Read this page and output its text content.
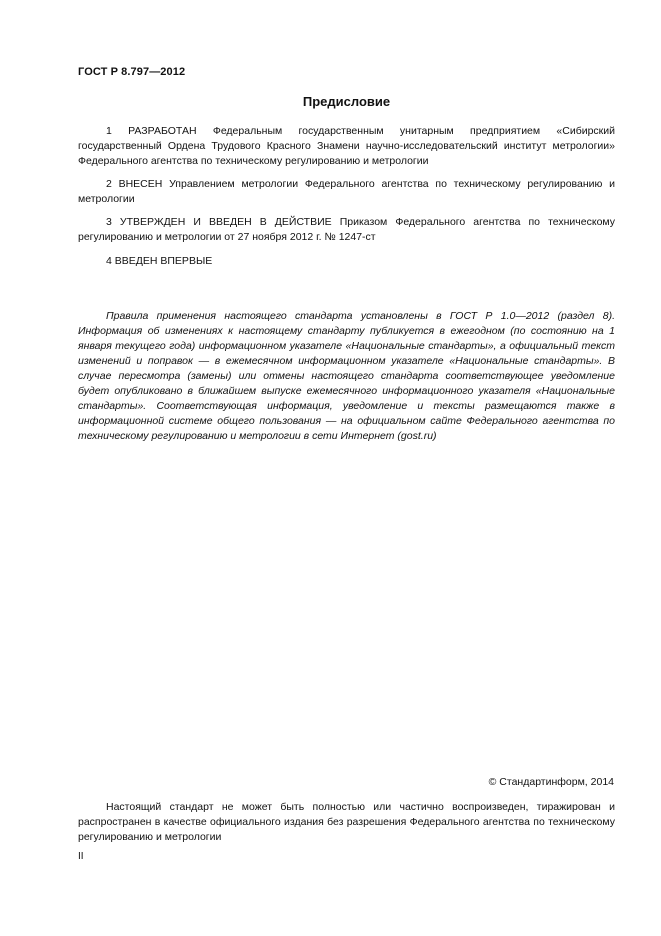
ГОСТ Р 8.797—2012
Предисловие

1 РАЗРАБОТАН Федеральным государственным унитарным предприятием «Сибирский государственный Ордена Трудового Красного Знамени научно-исследовательский институт метрологии» Федерального агентства по техническому регулированию и метрологии

2 ВНЕСЕН Управлением метрологии Федерального агентства по техническому регулированию и метрологии

3 УТВЕРЖДЕН И ВВЕДЕН В ДЕЙСТВИЕ Приказом Федерального агентства по техническому регулированию и метрологии от 27 ноября 2012 г. № 1247-ст

4 ВВЕДЕН ВПЕРВЫЕ

Правила применения настоящего стандарта установлены в ГОСТ Р 1.0—2012 (раздел 8). Информация об изменениях к настоящему стандарту публикуется в ежегодном (по состоянию на 1 января текущего года) информационном указателе «Национальные стандарты», а официальный текст изменений и поправок — в ежемесячном информационном указателе «Национальные стандарты». В случае пересмотра (замены) или отмены настоящего стандарта соответствующее уведомление будет опубликовано в ближайшем выпуске ежемесячного информационного указателя «Национальные стандарты». Соответствующая информация, уведомление и тексты размещаются также в информационной системе общего пользования — на официальном сайте Федерального агентства по техническому регулированию и метрологии в сети Интернет (gost.ru)

© Стандартинформ, 2014

Настоящий стандарт не может быть полностью или частично воспроизведен, тиражирован и распространен в качестве официального издания без разрешения Федерального агентства по техническому регулированию и метрологии

II
